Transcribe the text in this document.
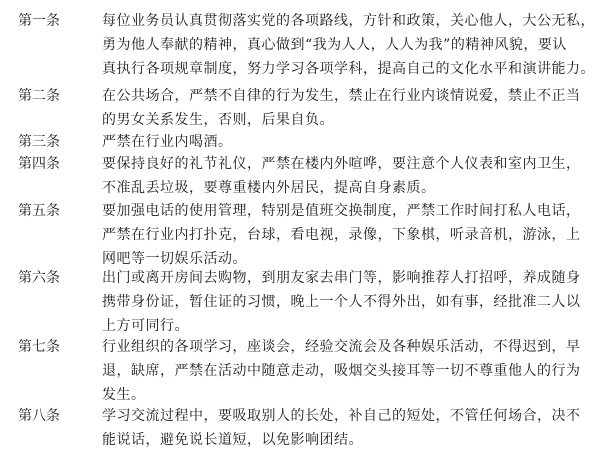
第一条	每位业务员认真贯彻落实党的各项路线，方针和政策，关心他人，大公无私，
勇为他人奉献的精神，真心做到“我为人人，人人为我”的精神风貌，要认
真执行各项规章制度，努力学习各项学科，提高自己的文化水平和演讲能力。
第二条	在公共场合，严禁不自律的行为发生，禁止在行业内谈情说爱，禁止不正当
的男女关系发生，否则，后果自负。
第三条	严禁在行业内喝酒。
第四条	要保持良好的礼节礼仪，严禁在楼内外喧哗，要注意个人仪表和室内卫生，
不准乱丢垃圾，要尊重楼内外居民，提高自身素质。
第五条	要加强电话的使用管理，特别是值班交换制度，严禁工作时间打私人电话，
严禁在行业内打扑克，台球，看电视，录像，下象棋，听录音机，游泳，上
网吧等一切娱乐活动。
第六条	出门或离开房间去购物，到朋友家去串门等，影响推荐人打招呼，养成随身
携带身份证，暂住证的习惯，晚上一个人不得外出，如有事，经批准二人以
上方可同行。
第七条	行业组织的各项学习，座谈会，经验交流会及各种娱乐活动，不得迟到，早
退，缺席，严禁在活动中随意走动，吸烟交头接耳等一切不尊重他人的行为
发生。
第八条	学习交流过程中，要吸取别人的长处，补自己的短处，不管任何场合，决不
能说话，避免说长道短，以免影响团结。
